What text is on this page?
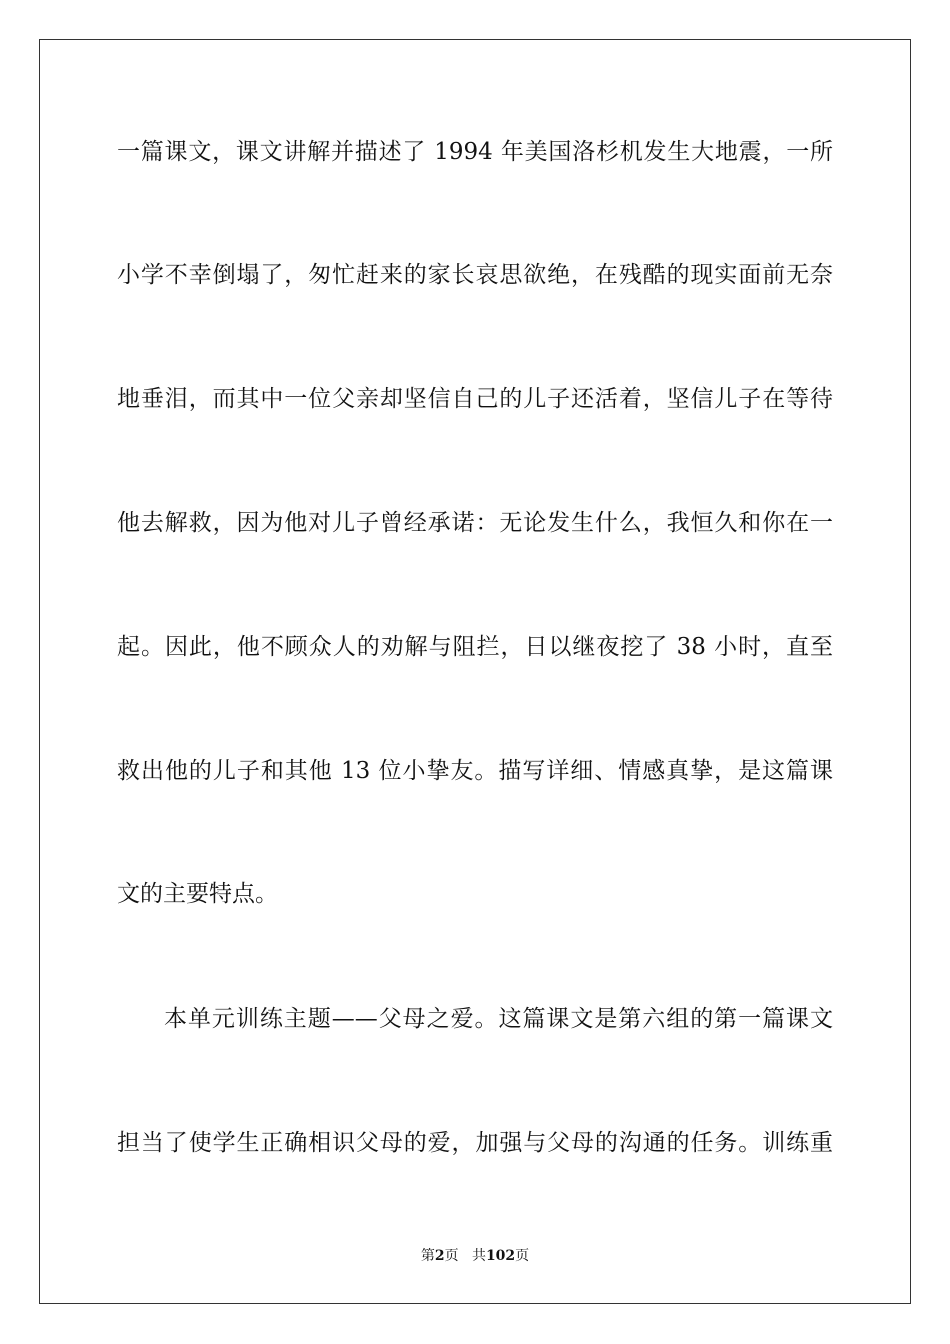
一篇课文，课文讲解并描述了 1994 年美国洛杉机发生大地震，一所
小学不幸倒塌了，匆忙赶来的家长哀思欲绝，在残酷的现实面前无奈
地垂泪，而其中一位父亲却坚信自己的儿子还活着，坚信儿子在等待
他去解救，因为他对儿子曾经承诺：无论发生什么，我恒久和你在一
起。因此，他不顾众人的劝解与阻拦，日以继夜挖了 38 小时，直至
救出他的儿子和其他 13 位小挚友。描写详细、情感真挚，是这篇课
文的主要特点。
本单元训练主题——父母之爱。这篇课文是第六组的第一篇课文
担当了使学生正确相识父母的爱，加强与父母的沟通的任务。训练重
第2页 共102页
